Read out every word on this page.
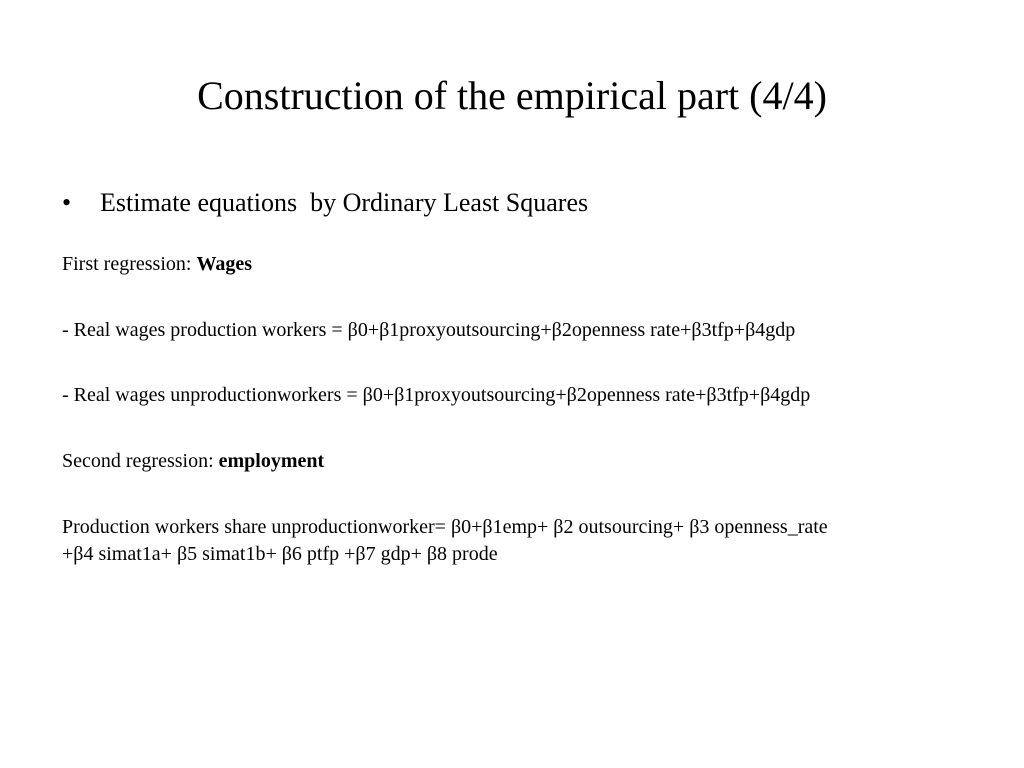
Construction of the empirical part (4/4)
• Estimate equations  by Ordinary Least Squares
First regression: Wages
- Real wages production workers = β0+β1proxyoutsourcing+β2openness rate+β3tfp+β4gdp
- Real wages unproductionworkers = β0+β1proxyoutsourcing+β2openness rate+β3tfp+β4gdp
Second regression: employment
Production workers share unproductionworker= β0+β1emp+ β2 outsourcing+ β3 openness_rate
+β4 simat1a+ β5 simat1b+ β6 ptfp +β7 gdp+ β8 prode
